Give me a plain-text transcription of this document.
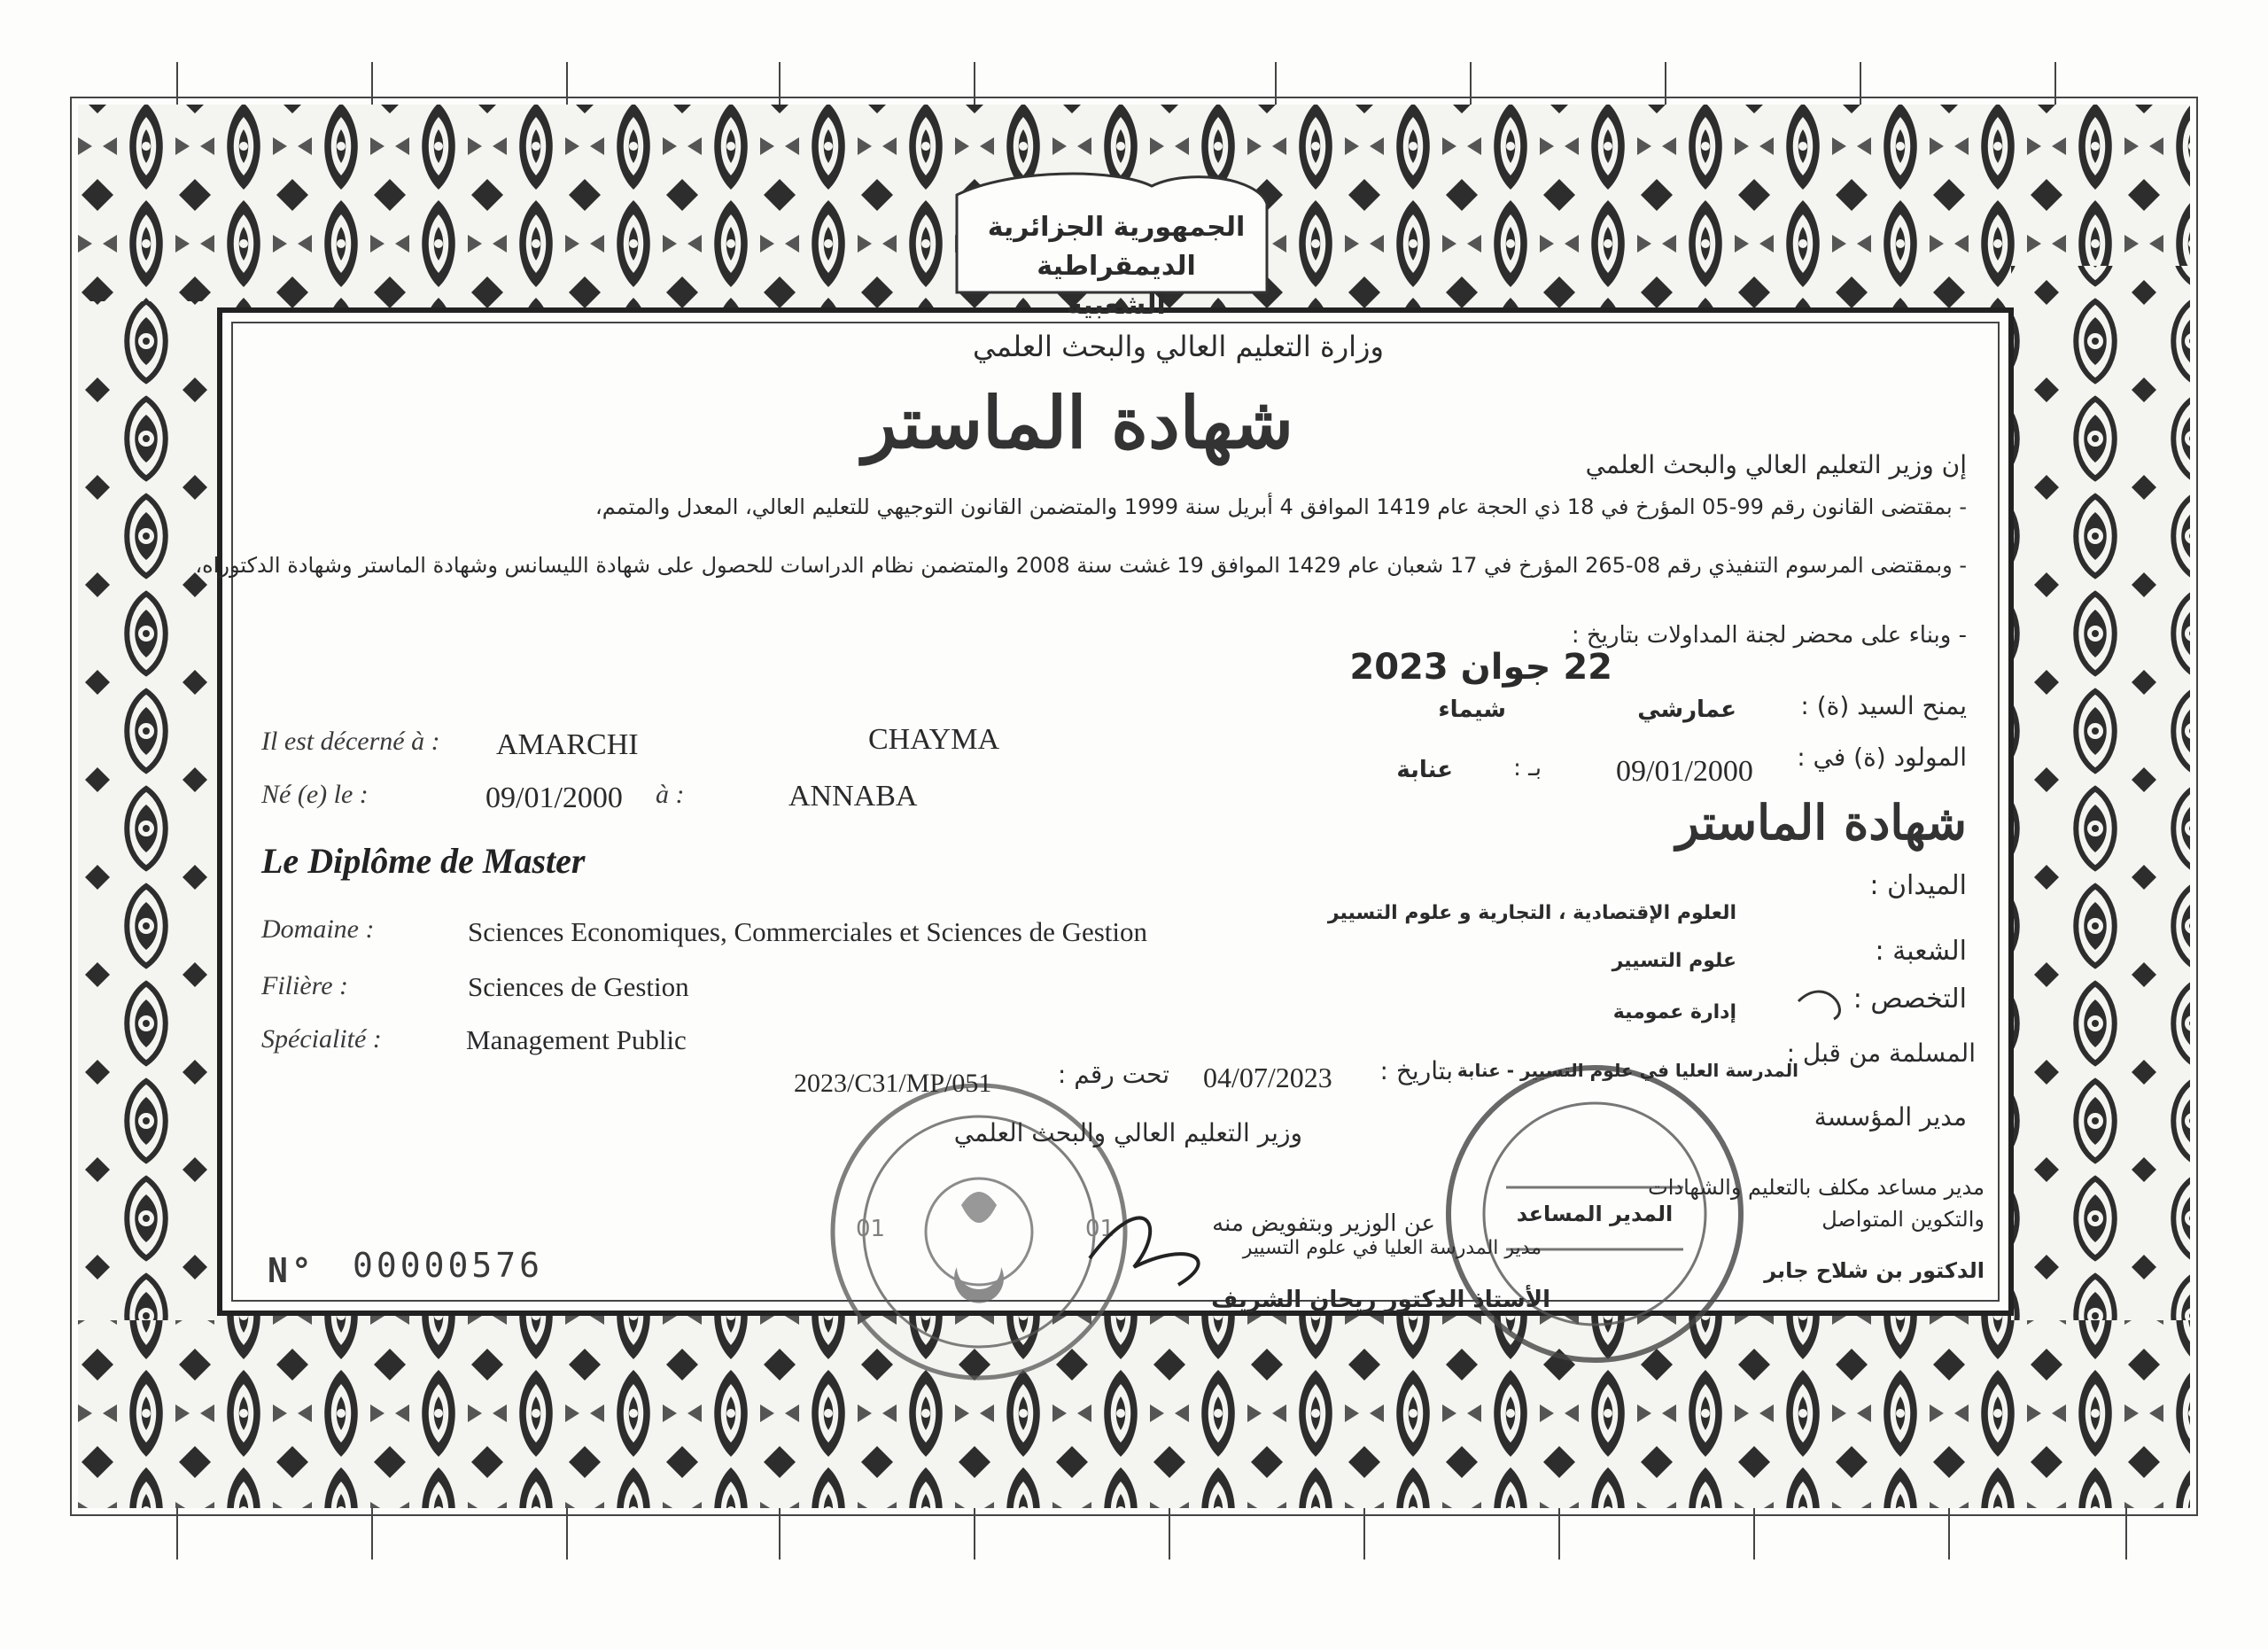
01	01
الجمهورية الجزائرية الديمقراطية الشعبية
وزارة التعليم العالي والبحث العلمي
شهادة الماستر
إن وزير التعليم العالي والبحث العلمي
- بمقتضى القانون رقم 99-05 المؤرخ في 18 ذي الحجة عام 1419 الموافق 4 أبريل سنة 1999 والمتضمن القانون التوجيهي للتعليم العالي، المعدل والمتمم،
- وبمقتضى المرسوم التنفيذي رقم 08-265 المؤرخ في 17 شعبان عام 1429 الموافق 19 غشت سنة 2008 والمتضمن نظام الدراسات للحصول على شهادة الليسانس وشهادة الماستر وشهادة الدكتوراه،
- وبناء على محضر لجنة المداولات بتاريخ :
22 جوان 2023
Il est décerné à : AMARCHI	CHAYMA
Né (e) le :	09/01/2000 à :	ANNABA
Le Diplôme de Master
Domaine :	Sciences Economiques, Commerciales et Sciences de Gestion
Filière :	Sciences de Gestion
Spécialité :	Management Public
يمنح السيد (ة) :
عمارشي
شيماء
المولود (ة) في :
09/01/2000
بـ :
عنابة
شهادة الماستر
الميدان :
العلوم الإقتصادية ، التجارية و علوم التسيير
الشعبة :
علوم التسيير
التخصص :
إدارة عمومية
المسلمة من قبل :
المدرسة العليا في علوم التسيير - عنابة
مدير المؤسسة
2023/C31/MP/051	تحت رقم : 04/07/2023	بتاريخ :
وزير التعليم العالي والبحث العلمي
عن الوزير وبتفويض منه
مدير المدرسة العليا في علوم التسيير
الأستاذ الدكتور ريحان الشريف
المدير المساعد
مدير مساعد مكلف بالتعليم والشهادات والتكوين المتواصل
الدكتور بن شلاح جابر
N° 00000576
